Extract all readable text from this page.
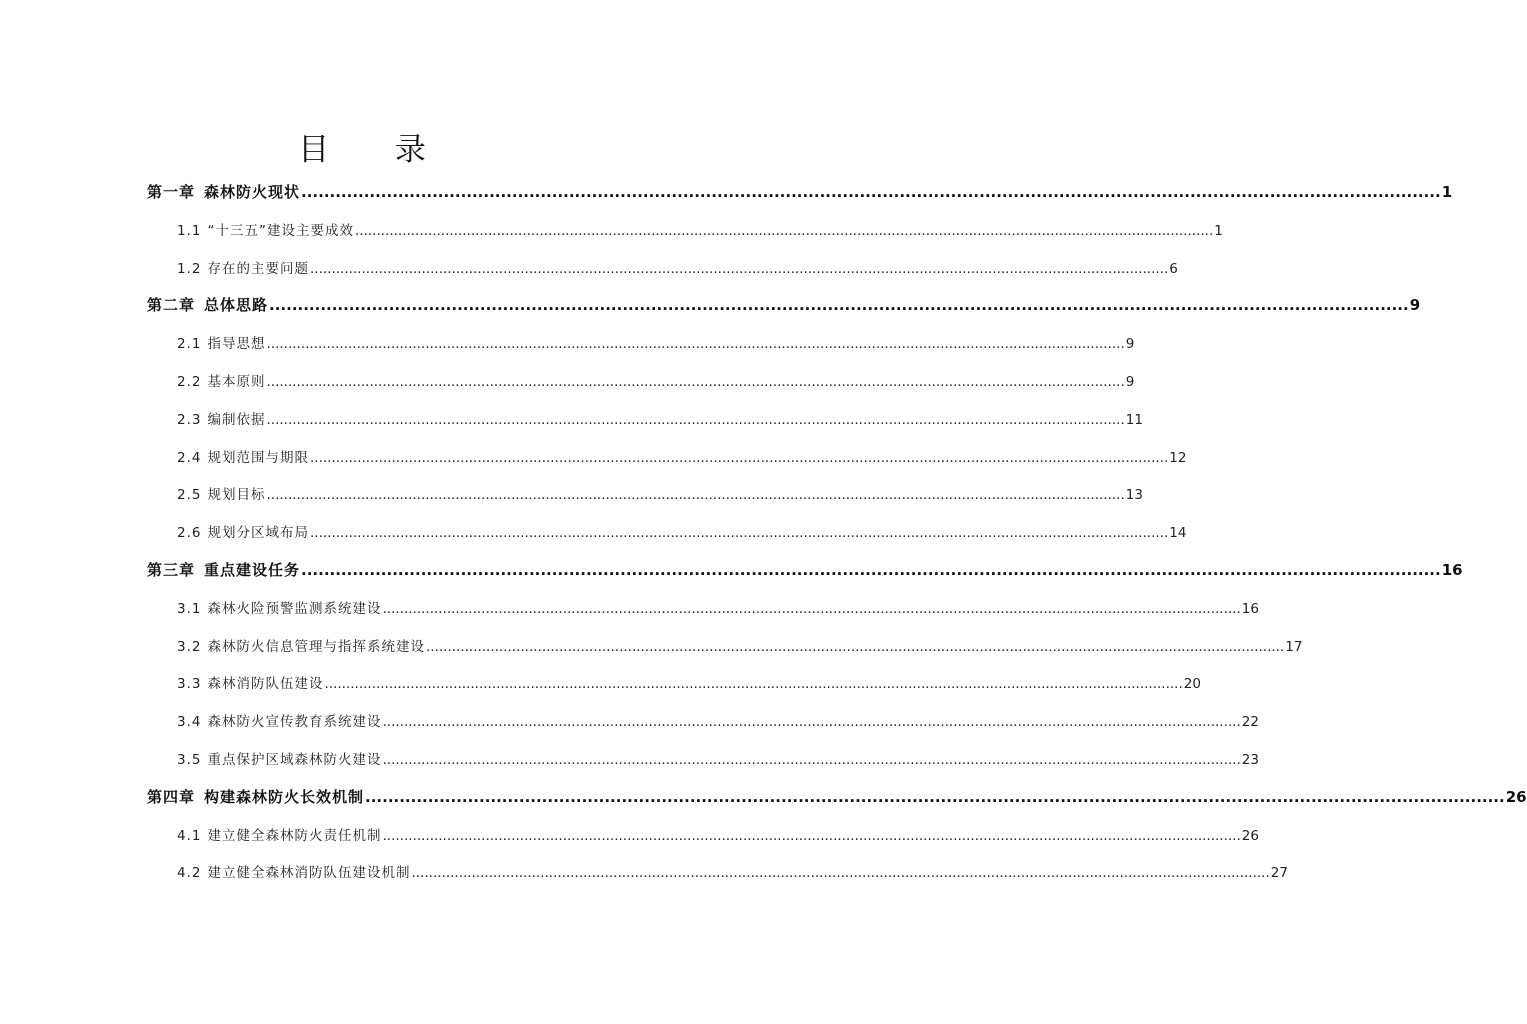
目 录
第一章 森林防火现状 ........................................................................................................................................................................................................ 1
1.1 “十三五”建设主要成效 ........................................................................................................................................................................................................ 1
1.2 存在的主要问题 ........................................................................................................................................................................................................ 6
第二章 总体思路 ........................................................................................................................................................................................................ 9
2.1 指导思想 ........................................................................................................................................................................................................ 9
2.2 基本原则 ........................................................................................................................................................................................................ 9
2.3 编制依据 ........................................................................................................................................................................................................ 11
2.4 规划范围与期限 ........................................................................................................................................................................................................ 12
2.5 规划目标 ........................................................................................................................................................................................................ 13
2.6 规划分区域布局 ........................................................................................................................................................................................................ 14
第三章 重点建设任务 ........................................................................................................................................................................................................ 16
3.1 森林火险预警监测系统建设 ........................................................................................................................................................................................................ 16
3.2 森林防火信息管理与指挥系统建设 ........................................................................................................................................................................................................ 17
3.3 森林消防队伍建设 ........................................................................................................................................................................................................ 20
3.4 森林防火宣传教育系统建设 ........................................................................................................................................................................................................ 22
3.5 重点保护区域森林防火建设 ........................................................................................................................................................................................................ 23
第四章 构建森林防火长效机制 ........................................................................................................................................................................................................ 26
4.1 建立健全森林防火责任机制 ........................................................................................................................................................................................................ 26
4.2 建立健全森林消防队伍建设机制 ........................................................................................................................................................................................................ 27
